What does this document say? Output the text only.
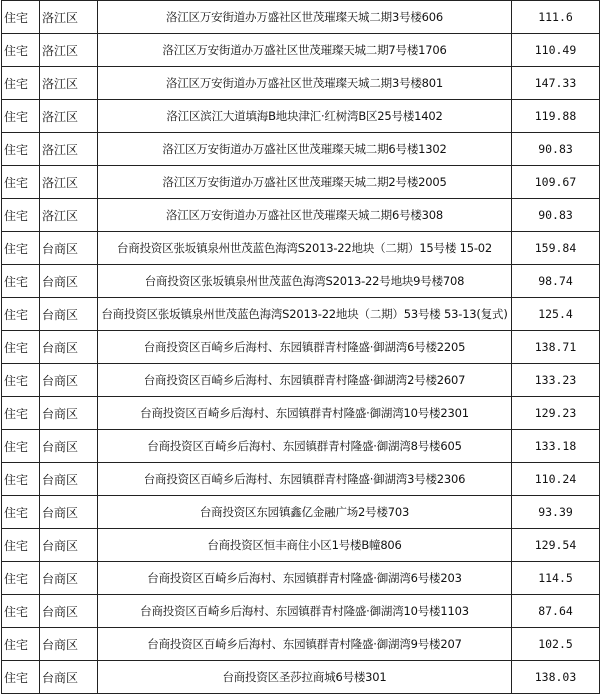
住宅	洛江区	洛江区万安街道办万盛社区世茂璀璨天城二期3号楼606	111.6
住宅	洛江区	洛江区万安街道办万盛社区世茂璀璨天城二期7号楼1706	110.49
住宅	洛江区	洛江区万安街道办万盛社区世茂璀璨天城二期3号楼801	147.33
住宅	洛江区	洛江区滨江大道填海B地块津汇·红树湾B区25号楼1402	119.88
住宅	洛江区	洛江区万安街道办万盛社区世茂璀璨天城二期6号楼1302	90.83
住宅	洛江区	洛江区万安街道办万盛社区世茂璀璨天城二期2号楼2005	109.67
住宅	洛江区	洛江区万安街道办万盛社区世茂璀璨天城二期6号楼308	90.83
住宅	台商区	台商投资区张坂镇泉州世茂蓝色海湾S2013-22地块（二期）15号楼 15-02	159.84
住宅	台商区	台商投资区张坂镇泉州世茂蓝色海湾S2013-22号地块9号楼708	98.74
住宅	台商区	台商投资区张坂镇泉州世茂蓝色海湾S2013-22地块（二期）53号楼 53-13(复式)	125.4
住宅	台商区	台商投资区百崎乡后海村、东园镇群青村隆盛·御湖湾6号楼2205	138.71
住宅	台商区	台商投资区百崎乡后海村、东园镇群青村隆盛·御湖湾2号楼2607	133.23
住宅	台商区	台商投资区百崎乡后海村、东园镇群青村隆盛·御湖湾10号楼2301	129.23
住宅	台商区	台商投资区百崎乡后海村、东园镇群青村隆盛·御湖湾8号楼605	133.18
住宅	台商区	台商投资区百崎乡后海村、东园镇群青村隆盛·御湖湾3号楼2306	110.24
住宅	台商区	台商投资区东园镇鑫亿金融广场2号楼703	93.39
住宅	台商区	台商投资区恒丰商住小区1号楼B幢806	129.54
住宅	台商区	台商投资区百崎乡后海村、东园镇群青村隆盛·御湖湾6号楼203	114.5
住宅	台商区	台商投资区百崎乡后海村、东园镇群青村隆盛·御湖湾10号楼1103	87.64
住宅	台商区	台商投资区百崎乡后海村、东园镇群青村隆盛·御湖湾9号楼207	102.5
住宅	台商区	台商投资区圣莎拉商城6号楼301	138.03
